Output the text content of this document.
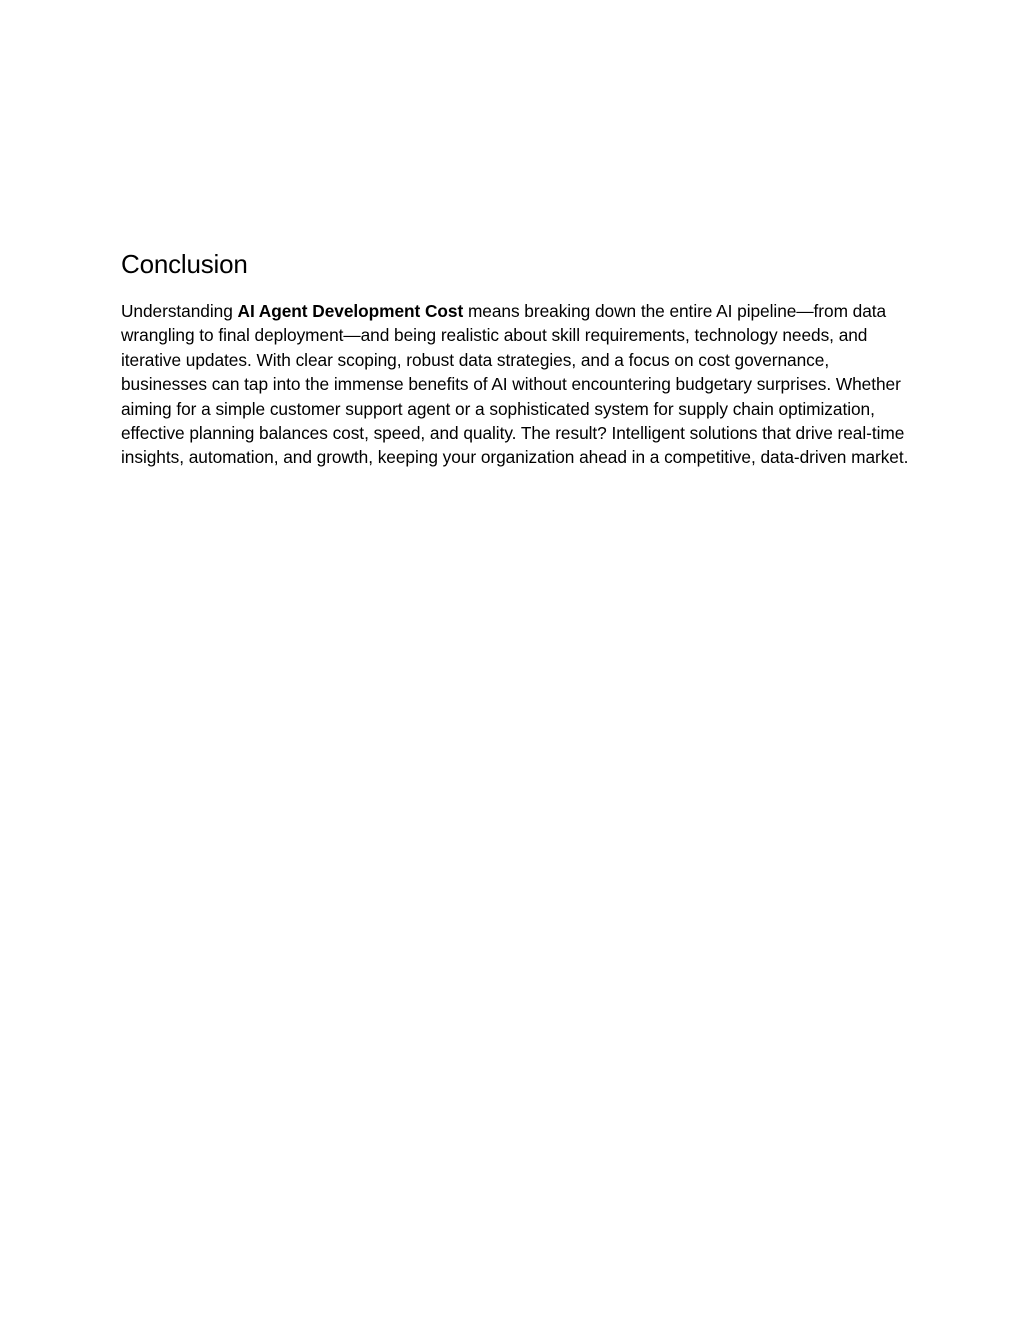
Conclusion

Understanding AI Agent Development Cost means breaking down the entire AI pipeline—from data wrangling to final deployment—and being realistic about skill requirements, technology needs, and iterative updates. With clear scoping, robust data strategies, and a focus on cost governance, businesses can tap into the immense benefits of AI without encountering budgetary surprises. Whether aiming for a simple customer support agent or a sophisticated system for supply chain optimization, effective planning balances cost, speed, and quality. The result? Intelligent solutions that drive real-time insights, automation, and growth, keeping your organization ahead in a competitive, data-driven market.
